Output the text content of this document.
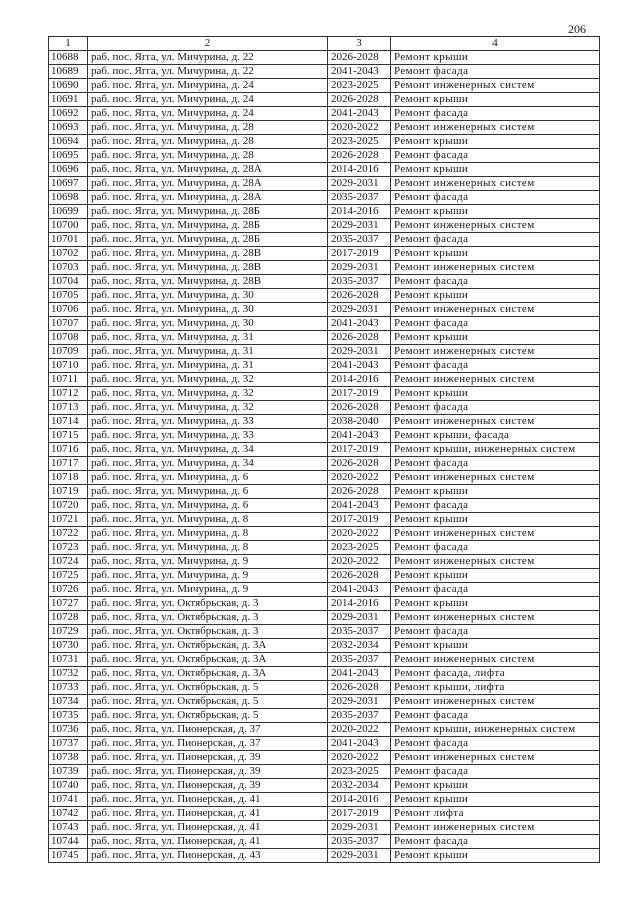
206
1	2	3	4
10688	раб. пос. Ягга, ул. Мичурина, д. 22	2026-2028	Ремонт крыши
10689	раб. пос. Ягга, ул. Мичурина, д. 22	2041-2043	Ремонт фасада
10690	раб. пос. Ягга, ул. Мичурина, д. 24	2023-2025	Ремонт инженерных систем
10691	раб. пос. Ягга, ул. Мичурина, д. 24	2026-2028	Ремонт крыши
10692	раб. пос. Ягга, ул. Мичурина, д. 24	2041-2043	Ремонт фасада
10693	раб. пос. Ягга, ул. Мичурина, д. 28	2020-2022	Ремонт инженерных систем
10694	раб. пос. Ягга, ул. Мичурина, д. 28	2023-2025	Ремонт крыши
10695	раб. пос. Ягга, ул. Мичурина, д. 28	2026-2028	Ремонт фасада
10696	раб. пос. Ягга, ул. Мичурина, д. 28А	2014-2016	Ремонт крыши
10697	раб. пос. Ягга, ул. Мичурина, д. 28А	2029-2031	Ремонт инженерных систем
10698	раб. пос. Ягга, ул. Мичурина, д. 28А	2035-2037	Ремонт фасада
10699	раб. пос. Ягга, ул. Мичурина, д. 28Б	2014-2016	Ремонт крыши
10700	раб. пос. Ягга, ул. Мичурина, д. 28Б	2029-2031	Ремонт инженерных систем
10701	раб. пос. Ягга, ул. Мичурина, д. 28Б	2035-2037	Ремонт фасада
10702	раб. пос. Ягга, ул. Мичурина, д. 28В	2017-2019	Ремонт крыши
10703	раб. пос. Ягга, ул. Мичурина, д. 28В	2029-2031	Ремонт инженерных систем
10704	раб. пос. Ягга, ул. Мичурина, д. 28В	2035-2037	Ремонт фасада
10705	раб. пос. Ягга, ул. Мичурина, д. 30	2026-2028	Ремонт крыши
10706	раб. пос. Ягга, ул. Мичурина, д. 30	2029-2031	Ремонт инженерных систем
10707	раб. пос. Ягга, ул. Мичурина, д. 30	2041-2043	Ремонт фасада
10708	раб. пос. Ягга, ул. Мичурина, д. 31	2026-2028	Ремонт крыши
10709	раб. пос. Ягга, ул. Мичурина, д. 31	2029-2031	Ремонт инженерных систем
10710	раб. пос. Ягга, ул. Мичурина, д. 31	2041-2043	Ремонт фасада
10711	раб. пос. Ягга, ул. Мичурина, д. 32	2014-2016	Ремонт инженерных систем
10712	раб. пос. Ягга, ул. Мичурина, д. 32	2017-2019	Ремонт крыши
10713	раб. пос. Ягга, ул. Мичурина, д. 32	2026-2028	Ремонт фасада
10714	раб. пос. Ягга, ул. Мичурина, д. 33	2038-2040	Ремонт инженерных систем
10715	раб. пос. Ягга, ул. Мичурина, д. 33	2041-2043	Ремонт крыши, фасада
10716	раб. пос. Ягга, ул. Мичурина, д. 34	2017-2019	Ремонт крыши, инженерных систем
10717	раб. пос. Ягга, ул. Мичурина, д. 34	2026-2028	Ремонт фасада
10718	раб. пос. Ягга, ул. Мичурина, д. 6	2020-2022	Ремонт инженерных систем
10719	раб. пос. Ягга, ул. Мичурина, д. 6	2026-2028	Ремонт крыши
10720	раб. пос. Ягга, ул. Мичурина, д. 6	2041-2043	Ремонт фасада
10721	раб. пос. Ягга, ул. Мичурина, д. 8	2017-2019	Ремонт крыши
10722	раб. пос. Ягга, ул. Мичурина, д. 8	2020-2022	Ремонт инженерных систем
10723	раб. пос. Ягга, ул. Мичурина, д. 8	2023-2025	Ремонт фасада
10724	раб. пос. Ягга, ул. Мичурина, д. 9	2020-2022	Ремонт инженерных систем
10725	раб. пос. Ягга, ул. Мичурина, д. 9	2026-2028	Ремонт крыши
10726	раб. пос. Ягга, ул. Мичурина, д. 9	2041-2043	Ремонт фасада
10727	раб. пос. Ягга, ул. Октябрьская, д. 3	2014-2016	Ремонт крыши
10728	раб. пос. Ягга, ул. Октябрьская, д. 3	2029-2031	Ремонт инженерных систем
10729	раб. пос. Ягга, ул. Октябрьская, д. 3	2035-2037	Ремонт фасада
10730	раб. пос. Ягга, ул. Октябрьская, д. 3А	2032-2034	Ремонт крыши
10731	раб. пос. Ягга, ул. Октябрьская, д. 3А	2035-2037	Ремонт инженерных систем
10732	раб. пос. Ягга, ул. Октябрьская, д. 3А	2041-2043	Ремонт фасада, лифта
10733	раб. пос. Ягга, ул. Октябрьская, д. 5	2026-2028	Ремонт крыши, лифта
10734	раб. пос. Ягга, ул. Октябрьская, д. 5	2029-2031	Ремонт инженерных систем
10735	раб. пос. Ягга, ул. Октябрьская, д. 5	2035-2037	Ремонт фасада
10736	раб. пос. Ягга, ул. Пионерская, д. 37	2020-2022	Ремонт крыши, инженерных систем
10737	раб. пос. Ягга, ул. Пионерская, д. 37	2041-2043	Ремонт фасада
10738	раб. пос. Ягга, ул. Пионерская, д. 39	2020-2022	Ремонт инженерных систем
10739	раб. пос. Ягга, ул. Пионерская, д. 39	2023-2025	Ремонт фасада
10740	раб. пос. Ягга, ул. Пионерская, д. 39	2032-2034	Ремонт крыши
10741	раб. пос. Ягга, ул. Пионерская, д. 41	2014-2016	Ремонт крыши
10742	раб. пос. Ягга, ул. Пионерская, д. 41	2017-2019	Ремонт лифта
10743	раб. пос. Ягга, ул. Пионерская, д. 41	2029-2031	Ремонт инженерных систем
10744	раб. пос. Ягга, ул. Пионерская, д. 41	2035-2037	Ремонт фасада
10745	раб. пос. Ягга, ул. Пионерская, д. 43	2029-2031	Ремонт крыши
